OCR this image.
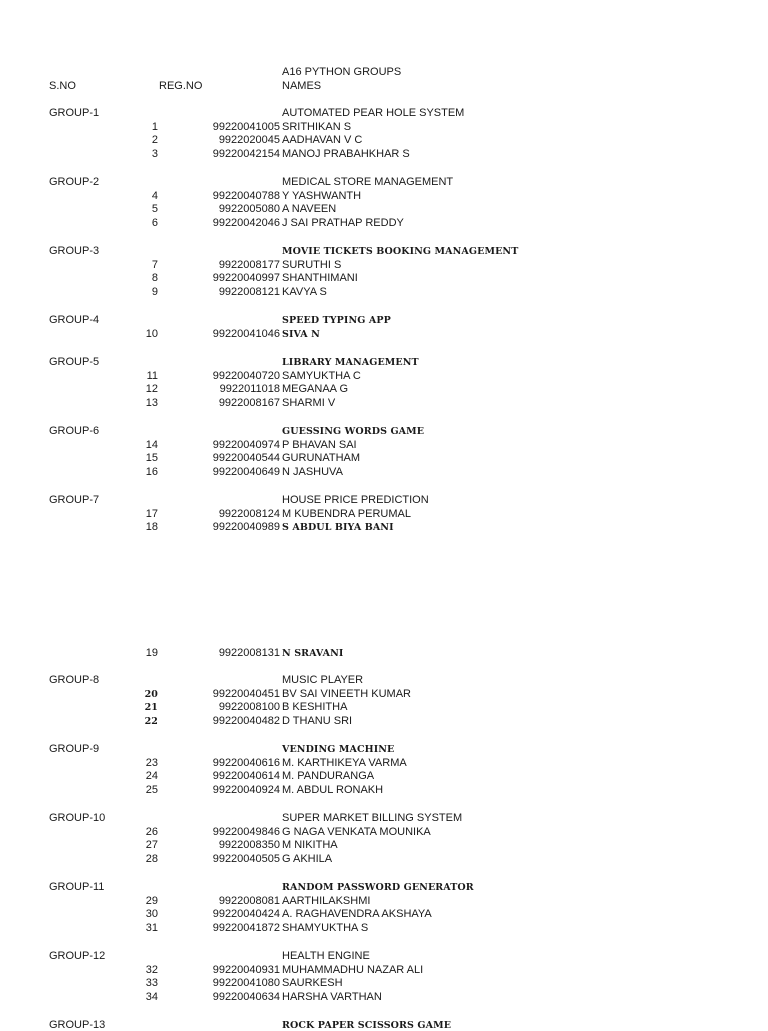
A16 PYTHON GROUPS
S.NO	REG.NO	NAMES
GROUP-1	AUTOMATED PEAR HOLE SYSTEM
1	99220041005 SRITHIKAN S
2	9922020045 AADHAVAN V C
3	99220042154 MANOJ PRABAHKHAR S
GROUP-2	MEDICAL STORE MANAGEMENT
4	99220040788 Y YASHWANTH
5	9922005080 A NAVEEN
6	99220042046 J SAI PRATHAP REDDY
GROUP-3	MOVIE TICKETS BOOKING MANAGEMENT
7	9922008177 SURUTHI S
8	99220040997 SHANTHIMANI
9	9922008121 KAVYA S
GROUP-4	SPEED TYPING APP
10	99220041046 SIVA N
GROUP-5	LIBRARY MANAGEMENT
11	99220040720 SAMYUKTHA C
12	9922011018 MEGANAA G
13	9922008167 SHARMI V
GROUP-6	GUESSING WORDS GAME
14	99220040974 P BHAVAN SAI
15	99220040544 GURUNATHAM
16	99220040649 N JASHUVA
GROUP-7	HOUSE PRICE PREDICTION
17	9922008124 M KUBENDRA PERUMAL
18	99220040989 S ABDUL BIYA BANI
19	9922008131 N SRAVANI
GROUP-8	MUSIC PLAYER
20	99220040451 BV SAI VINEETH KUMAR
21	9922008100 B KESHITHA
22	99220040482 D THANU SRI
GROUP-9	VENDING MACHINE
23	99220040616 M. KARTHIKEYA VARMA
24	99220040614 M. PANDURANGA
25	99220040924 M. ABDUL RONAKH
GROUP-10	SUPER MARKET BILLING SYSTEM
26	99220049846 G NAGA VENKATA MOUNIKA
27	9922008350 M NIKITHA
28	99220040505 G AKHILA
GROUP-11	RANDOM PASSWORD GENERATOR
29	9922008081 AARTHILAKSHMI
30	99220040424 A. RAGHAVENDRA AKSHAYA
31	99220041872 SHAMYUKTHA S
GROUP-12	HEALTH ENGINE
32	99220040931 MUHAMMADHU NAZAR ALI
33	99220041080 SAURKESH
34	99220040634 HARSHA VARTHAN
GROUP-13	ROCK PAPER SCISSORS GAME
